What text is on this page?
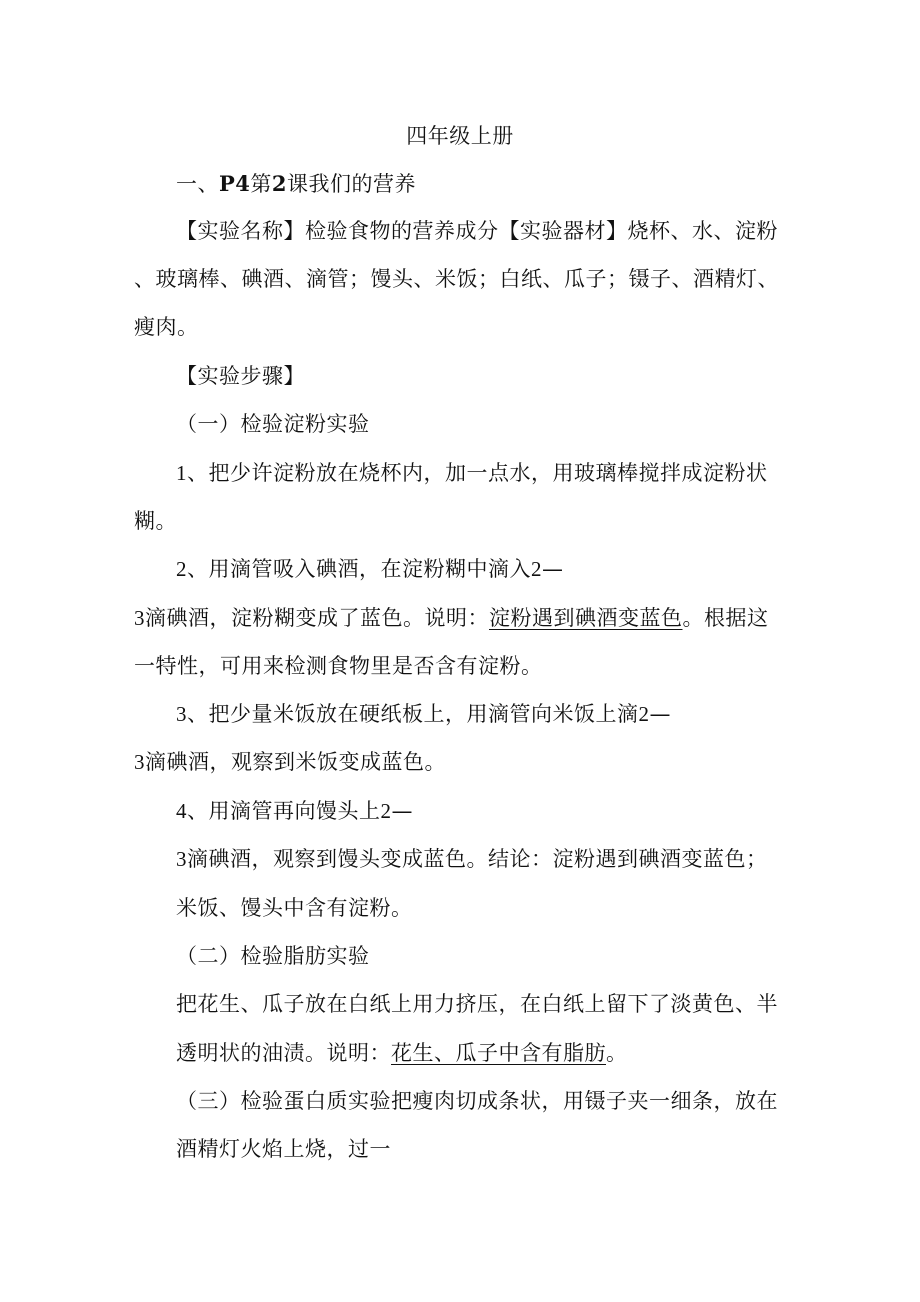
四年级上册
一、P4第2课我们的营养
【实验名称】检验食物的营养成分【实验器材】烧杯、水、淀粉
、玻璃棒、碘酒、滴管；馒头、米饭；白纸、瓜子；镊子、酒精灯、
瘦肉。
【实验步骤】
（一）检验淀粉实验
1、把少许淀粉放在烧杯内，加一点水，用玻璃棒搅拌成淀粉状
糊。
2、用滴管吸入碘酒，在淀粉糊中滴入2—
3滴碘酒，淀粉糊变成了蓝色。说明：淀粉遇到碘酒变蓝色。根据这
一特性，可用来检测食物里是否含有淀粉。
3、把少量米饭放在硬纸板上，用滴管向米饭上滴2—
3滴碘酒，观察到米饭变成蓝色。
4、用滴管再向馒头上2—
3滴碘酒，观察到馒头变成蓝色。结论：淀粉遇到碘酒变蓝色；
米饭、馒头中含有淀粉。
（二）检验脂肪实验
把花生、瓜子放在白纸上用力挤压，在白纸上留下了淡黄色、半
透明状的油渍。说明：花生、瓜子中含有脂肪。
（三）检验蛋白质实验把瘦肉切成条状，用镊子夹一细条，放在
酒精灯火焰上烧，过一
